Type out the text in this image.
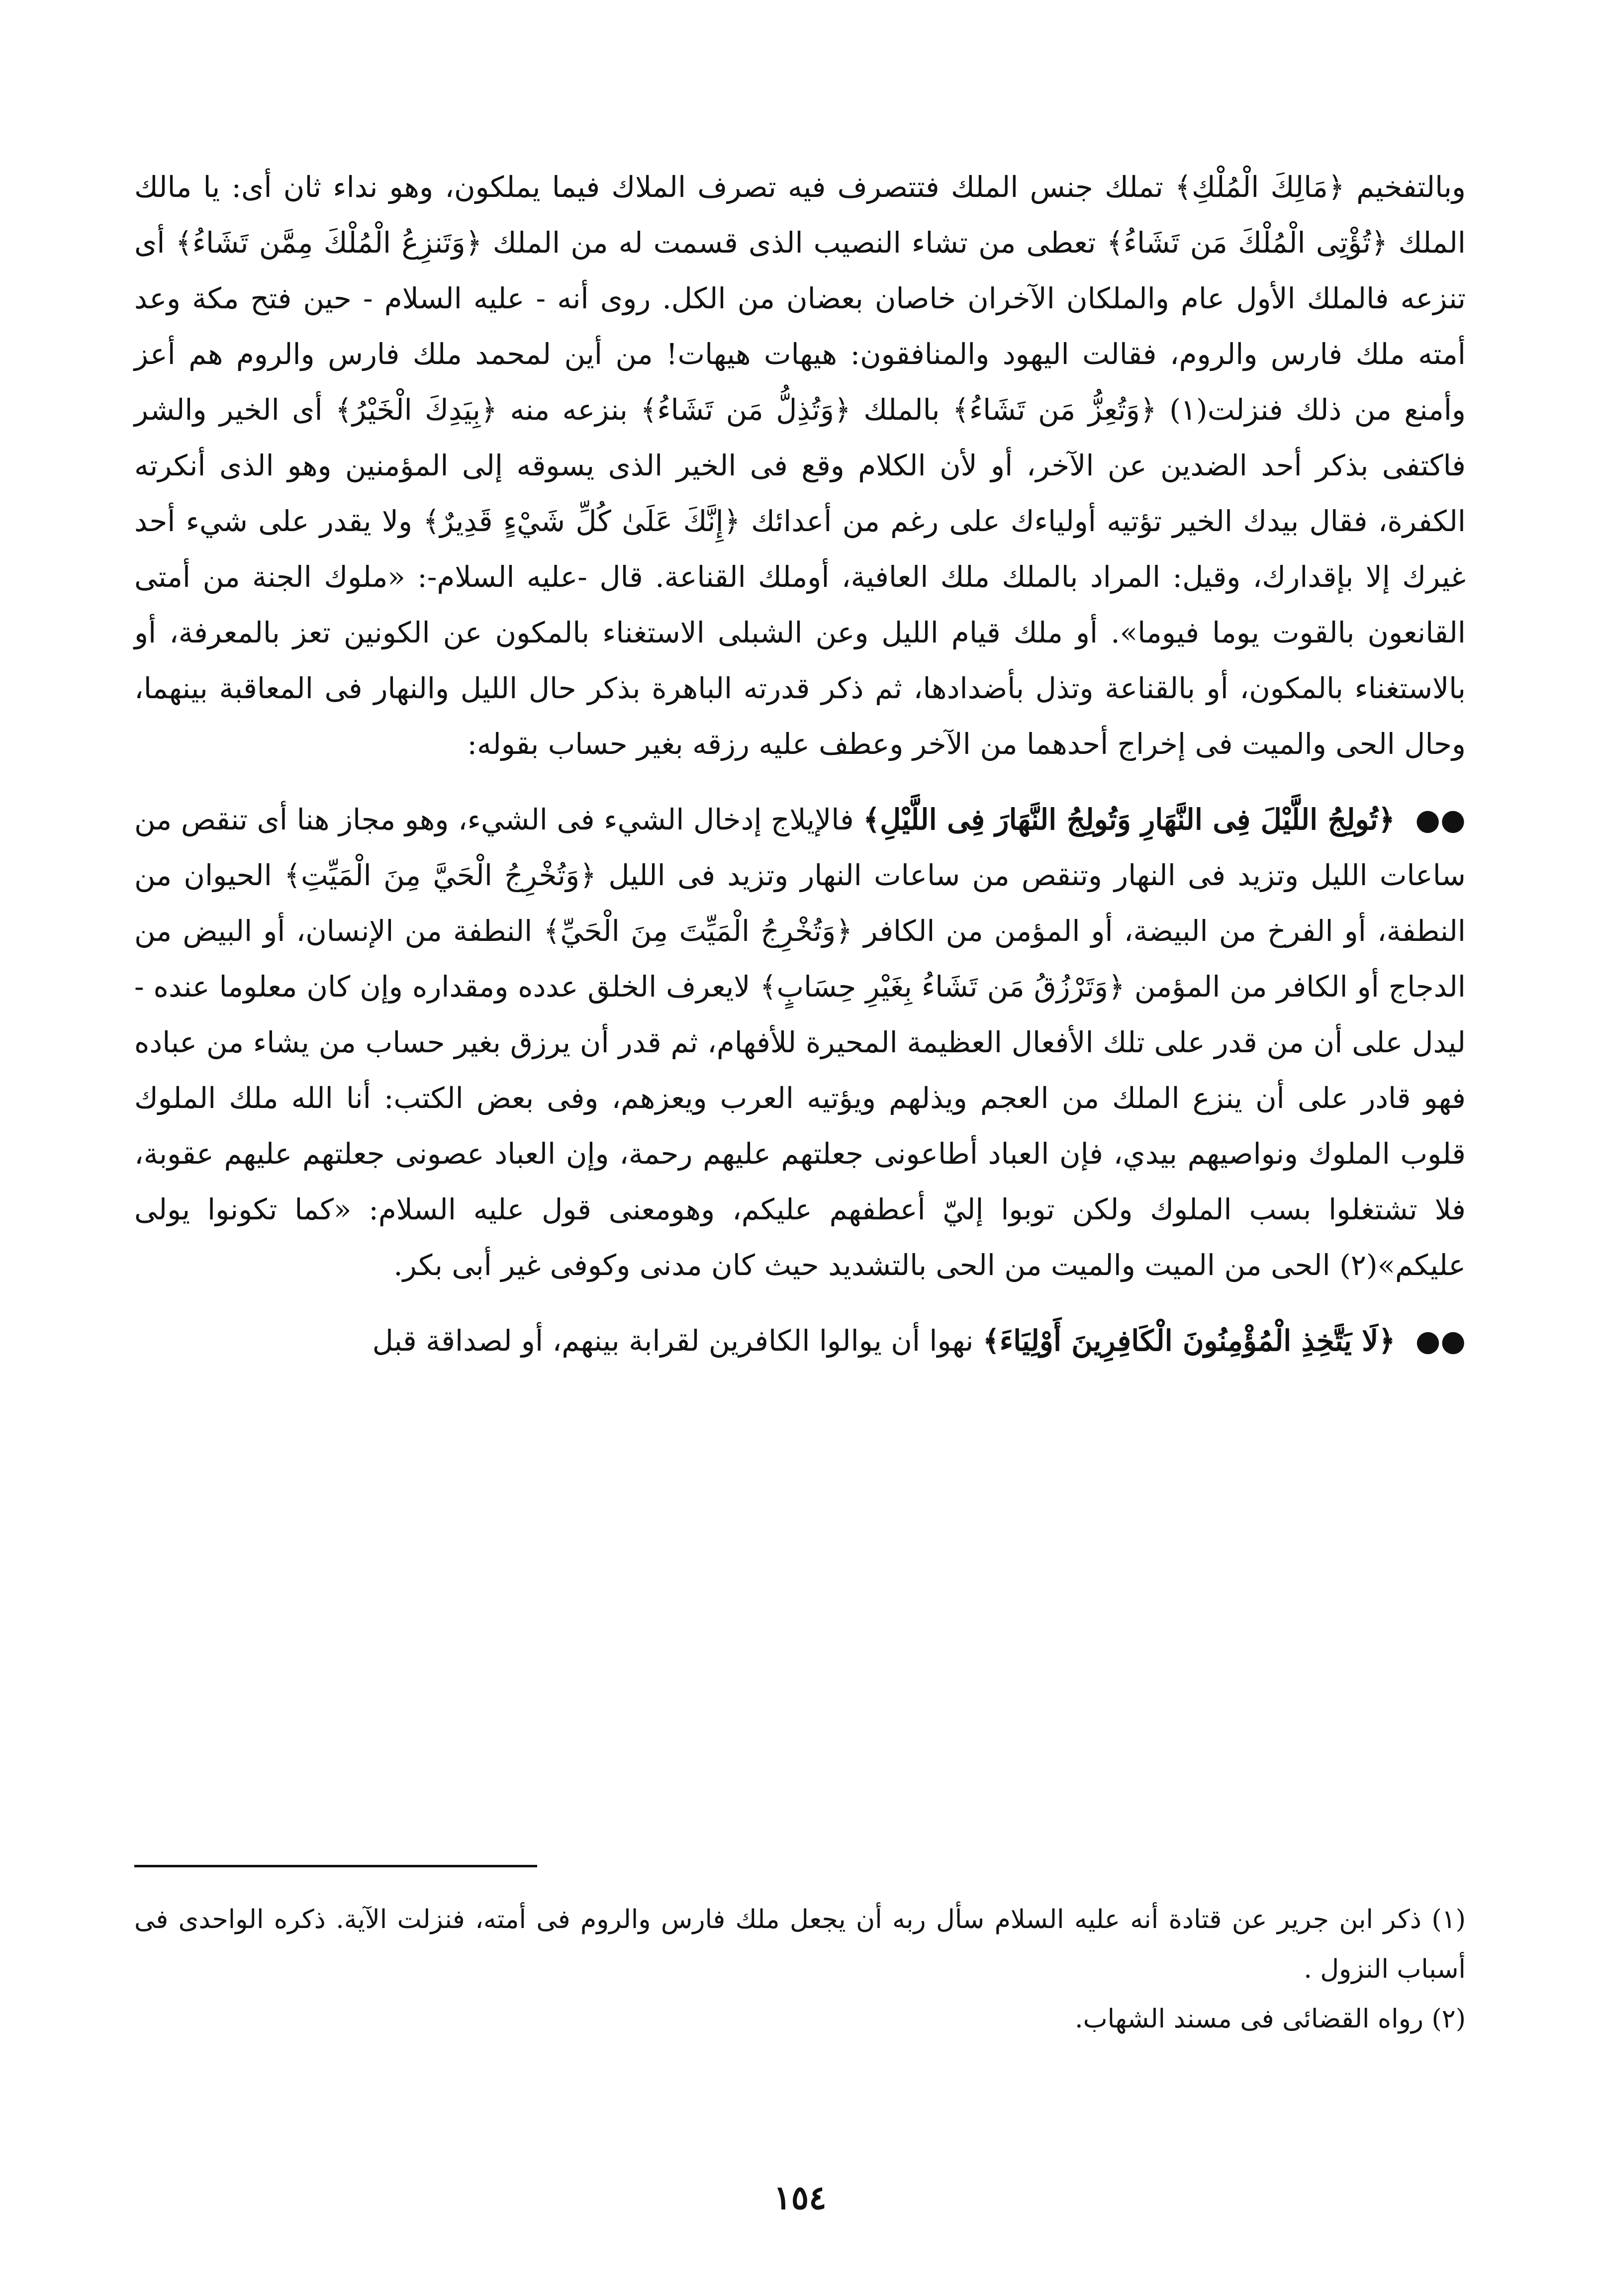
وبالتفخيم ﴿مَالِكَ الْمُلْكِ﴾ تملك جنس الملك فتتصرف فيه تصرف الملاك فيما يملكون، وهو نداء ثان أى: يا مالك الملك ﴿تُؤْتِى الْمُلْكَ مَن تَشَاءُ﴾ تعطى من تشاء النصيب الذى قسمت له من الملك ﴿وَتَنزِعُ الْمُلْكَ مِمَّن تَشَاءُ﴾ أى تنزعه فالملك الأول عام والملكان الآخران خاصان بعضان من الكل. روى أنه - عليه السلام - حين فتح مكة وعد أمته ملك فارس والروم، فقالت اليهود والمنافقون: هيهات هيهات! من أين لمحمد ملك فارس والروم هم أعز وأمنع من ذلك فنزلت(١) ﴿وَتُعِزُّ مَن تَشَاءُ﴾ بالملك ﴿وَتُذِلُّ مَن تَشَاءُ﴾ بنزعه منه ﴿بِيَدِكَ الْخَيْرُ﴾ أى الخير والشر فاكتفى بذكر أحد الضدين عن الآخر، أو لأن الكلام وقع فى الخير الذى يسوقه إلى المؤمنين وهو الذى أنكرته الكفرة، فقال بيدك الخير تؤتيه أولياءك على رغم من أعدائك ﴿إِنَّكَ عَلَىٰ كُلِّ شَيْءٍ قَدِيرٌ﴾ ولا يقدر على شيء أحد غيرك إلا بإقدارك، وقيل: المراد بالملك ملك العافية، أوملك القناعة. قال -عليه السلام-: «ملوك الجنة من أمتى القانعون بالقوت يوما فيوما». أو ملك قيام الليل وعن الشبلى الاستغناء بالمكون عن الكونين تعز بالمعرفة، أو بالاستغناء بالمكون، أو بالقناعة وتذل بأضدادها، ثم ذكر قدرته الباهرة بذكر حال الليل والنهار فى المعاقبة بينهما، وحال الحى والميت فى إخراج أحدهما من الآخر وعطف عليه رزقه بغير حساب بقوله:

●● ﴿تُولِجُ اللَّيْلَ فِى النَّهَارِ وَتُولِجُ النَّهَارَ فِى اللَّيْلِ﴾ فالإيلاج إدخال الشيء فى الشيء، وهو مجاز هنا أى تنقص من ساعات الليل وتزيد فى النهار وتنقص من ساعات النهار وتزيد فى الليل ﴿وَتُخْرِجُ الْحَيَّ مِنَ الْمَيِّتِ﴾ الحيوان من النطفة، أو الفرخ من البيضة، أو المؤمن من الكافر ﴿وَتُخْرِجُ الْمَيِّتَ مِنَ الْحَيِّ﴾ النطفة من الإنسان، أو البيض من الدجاج أو الكافر من المؤمن ﴿وَتَرْزُقُ مَن تَشَاءُ بِغَيْرِ حِسَابٍ﴾ لايعرف الخلق عدده ومقداره وإن كان معلوما عنده - ليدل على أن من قدر على تلك الأفعال العظيمة المحيرة للأفهام، ثم قدر أن يرزق بغير حساب من يشاء من عباده فهو قادر على أن ينزع الملك من العجم ويذلهم ويؤتيه العرب ويعزهم، وفى بعض الكتب: أنا الله ملك الملوك قلوب الملوك ونواصيهم بيدي، فإن العباد أطاعونى جعلتهم عليهم رحمة، وإن العباد عصونى جعلتهم عليهم عقوبة، فلا تشتغلوا بسب الملوك ولكن توبوا إليّ أعطفهم عليكم، وهومعنى قول عليه السلام: «كما تكونوا يولى عليكم»(٢) الحى من الميت والميت من الحى بالتشديد حيث كان مدنى وكوفى غير أبى بكر.

●● ﴿لَا يَتَّخِذِ الْمُؤْمِنُونَ الْكَافِرِينَ أَوْلِيَاءَ﴾ نهوا أن يوالوا الكافرين لقرابة بينهم، أو لصداقة قبل

(١) ذكر ابن جرير عن قتادة أنه عليه السلام سأل ربه أن يجعل ملك فارس والروم فى أمته، فنزلت الآية. ذكره الواحدى فى أسباب النزول .

(٢) رواه القضائى فى مسند الشهاب.

١٥٤
